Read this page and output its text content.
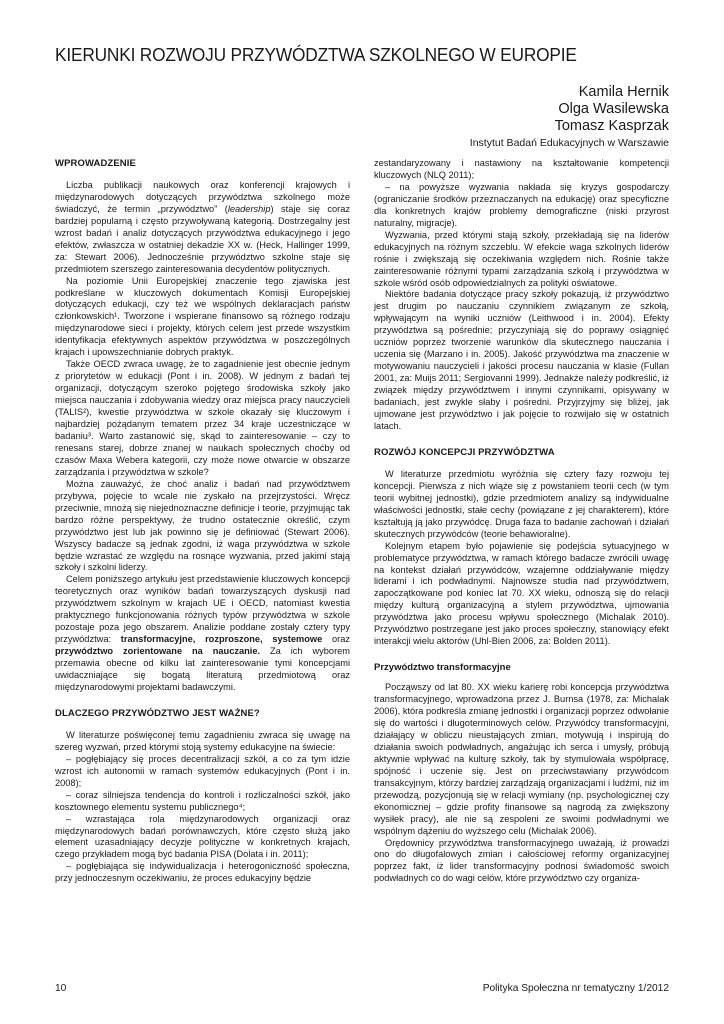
KIERUNKI ROZWOJU PRZYWÓDZTWA SZKOLNEGO W EUROPIE
Kamila Hernik
Olga Wasilewska
Tomasz Kasprzak
Instytut Badań Edukacyjnych w Warszawie
WPROWADZENIE

Liczba publikacji naukowych oraz konferencji krajowych i międzynarodowych dotyczących przywództwa szkolnego może świadczyć, że termin „przywództwo” (leadership) staje się coraz bardziej popularną i często przywoływaną kategorią. Dostrzegalny jest wzrost badań i analiz dotyczących przywództwa edukacyjnego i jego efektów, zwłaszcza w ostatniej dekadzie XX w. (Heck, Hallinger 1999, za: Stewart 2006). Jednocześnie przywództwo szkolne staje się przedmiotem szerszego zainteresowania decydentów politycznych.

Na poziomie Unii Europejskiej znaczenie tego zjawiska jest podkreślane w kluczowych dokumentach Komisji Europejskiej dotyczących edukacji, czy też we wspólnych deklaracjach państw członkowskich¹. Tworzone i wspierane finansowo są różnego rodzaju międzynarodowe sieci i projekty, których celem jest przede wszystkim identyfikacja efektywnych aspektów przywództwa w poszczególnych krajach i upowszechnianie dobrych praktyk.

Także OECD zwraca uwagę, że to zagadnienie jest obecnie jednym z priorytetów w edukacji (Pont i in. 2008). W jednym z badań tej organizacji, dotyczącym szeroko pojętego środowiska szkoły jako miejsca nauczania i zdobywania wiedzy oraz miejsca pracy nauczycieli (TALIS²), kwestie przywództwa w szkole okazały się kluczowym i najbardziej pożądanym tematem przez 34 kraje uczestniczące w badaniu³. Warto zastanowić się, skąd to zainteresowanie – czy to renesans starej, dobrze znanej w naukach społecznych choćby od czasów Maxa Webera kategorii, czy może nowe otwarcie w obszarze zarządzania i przywództwa w szkole?

Można zauważyć, że choć analiz i badań nad przywództwem przybywa, pojęcie to wcale nie zyskało na przejrzystości. Wręcz przeciwnie, mnożą się niejednoznaczne definicje i teorie, przyjmując tak bardzo różne perspektywy, że trudno ostatecznie określić, czym przywództwo jest lub jak powinno się je definiować (Stewart 2006). Wszyscy badacze są jednak zgodni, iż waga przywództwa w szkole będzie wzrastać ze względu na rosnące wyzwania, przed jakimi stają szkoły i szkolni liderzy.

Celem poniższego artykułu jest przedstawienie kluczowych koncepcji teoretycznych oraz wyników badań towarzyszących dyskusji nad przywództwem szkolnym w krajach UE i OECD, natomiast kwestia praktycznego funkcjonowania różnych typów przywództwa w szkole pozostaje poza jego obszarem. Analizie poddane zostały cztery typy przywództwa: transformacyjne, rozproszone, systemowe oraz przywództwo zorientowane na nauczanie. Za ich wyborem przemawia obecne od kilku lat zainteresowanie tymi koncepcjami uwidaczniające się bogatą literaturą przedmiotową oraz międzynarodowymi projektami badawczymi.

DLACZEGO PRZYWÓDZTWO JEST WAŻNE?

W literaturze poświęconej temu zagadnieniu zwraca się uwagę na szereg wyzwań, przed którymi stoją systemy edukacyjne na świecie:

– pogłębiający się proces decentralizacji szkół, a co za tym idzie wzrost ich autonomii w ramach systemów edukacyjnych (Pont i in. 2008);

– coraz silniejsza tendencja do kontroli i rozliczalności szkół, jako kosztownego elementu systemu publicznego⁴;

– wzrastająca rola międzynarodowych organizacji oraz międzynarodowych badań porównawczych, które często służą jako element uzasadniający decyzje polityczne w konkretnych krajach, czego przykładem mogą być badania PISA (Dolata i in. 2011);

– pogłębiająca się indywidualizacja i heterogoniczność społeczna, przy jednoczesnym oczekiwaniu, że proces edukacyjny będzie

zestandaryzowany i nastawiony na kształtowanie kompetencji kluczowych (NLQ 2011);

– na powyższe wyzwania nakłada się kryzys gospodarczy (ograniczanie środków przeznaczanych na edukację) oraz specyficzne dla konkretnych krajów problemy demograficzne (niski przyrost naturalny, migracje).

Wyzwania, przed którymi stają szkoły, przekładają się na liderów edukacyjnych na różnym szczeblu. W efekcie waga szkolnych liderów rośnie i zwiększają się oczekiwania względem nich. Rośnie także zainteresowanie różnymi typami zarządzania szkołą i przywództwa w szkole wśród osób odpowiedzialnych za polityki oświatowe.

Niektóre badania dotyczące pracy szkoły pokazują, iż przywództwo jest drugim po nauczaniu czynnikiem związanym ze szkołą, wpływającym na wyniki uczniów (Leithwood i in. 2004). Efekty przywództwa są pośrednie; przyczyniają się do poprawy osiągnięć uczniów poprzez tworzenie warunków dla skutecznego nauczania i uczenia się (Marzano i in. 2005). Jakość przywództwa ma znaczenie w motywowaniu nauczycieli i jakości procesu nauczania w klasie (Fullan 2001, za: Muijs 2011; Sergiovanni 1999). Jednakże należy podkreślić, iż związek między przywództwem i innymi czynnikami, opisywany w badaniach, jest zwykle słaby i pośredni. Przyjrzyjmy się bliżej, jak ujmowane jest przywództwo i jak pojęcie to rozwijało się w ostatnich latach.

ROZWÓJ KONCEPCJI PRZYWÓDZTWA

W literaturze przedmiotu wyróżnia się cztery fazy rozwoju tej koncepcji. Pierwsza z nich wiąże się z powstaniem teorii cech (w tym teorii wybitnej jednostki), gdzie przedmiotem analizy są indywidualne właściwości jednostki, stałe cechy (powiązane z jej charakterem), które kształtują ją jako przywódcę. Druga faza to badanie zachowań i działań skutecznych przywódców (teorie behawioralne).

Kolejnym etapem było pojawienie się podejścia sytuacyjnego w problematyce przywództwa, w ramach którego badacze zwrócili uwagę na kontekst działań przywódców, wzajemne oddziaływanie między liderami i ich podwładnymi. Najnowsze studia nad przywództwem, zapoczątkowane pod koniec lat 70. XX wieku, odnoszą się do relacji między kulturą organizacyjną a stylem przywództwa, ujmowania przywództwa jako procesu wpływu społecznego (Michalak 2010). Przywództwo postrzegane jest jako proces społeczny, stanowiący efekt interakcji wielu aktorów (Uhl-Bien 2006, za: Bolden 2011).

Przywództwo transformacyjne

Począwszy od lat 80. XX wieku karierę robi koncepcja przywództwa transformacyjnego, wprowadzona przez J. Burnsa (1978, za: Michalak 2006), która podkreśla zmianę jednostki i organizacji poprzez odwołanie się do wartości i długoterminowych celów. Przywódcy transformacyjni, działający w obliczu nieustających zmian, motywują i inspirują do działania swoich podwładnych, angażując ich serca i umysły, próbują aktywnie wpływać na kulturę szkoły, tak by stymulowała współpracę, spójność i uczenie się. Jest on przeciwstawiany przywódcom transakcyjnym, którzy bardziej zarządzają organizacjami i ludźmi, niż im przewodzą, pozycjonują się w relacji wymiany (np. psychologicznej czy ekonomicznej – gdzie profity finansowe są nagrodą za zwiększony wysiłek pracy), ale nie są zespoleni ze swoimi podwładnymi we wspólnym dążeniu do wyższego celu (Michalak 2006).

Orędownicy przywództwa transformacyjnego uważają, iż prowadzi ono do długofalowych zmian i całościowej reformy organizacyjnej poprzez fakt, iż lider transformacyjny podnosi świadomość swoich podwładnych co do wagi celów, które przywództwo czy organiza-

10	Polityka Społeczna nr tematyczny 1/2012
